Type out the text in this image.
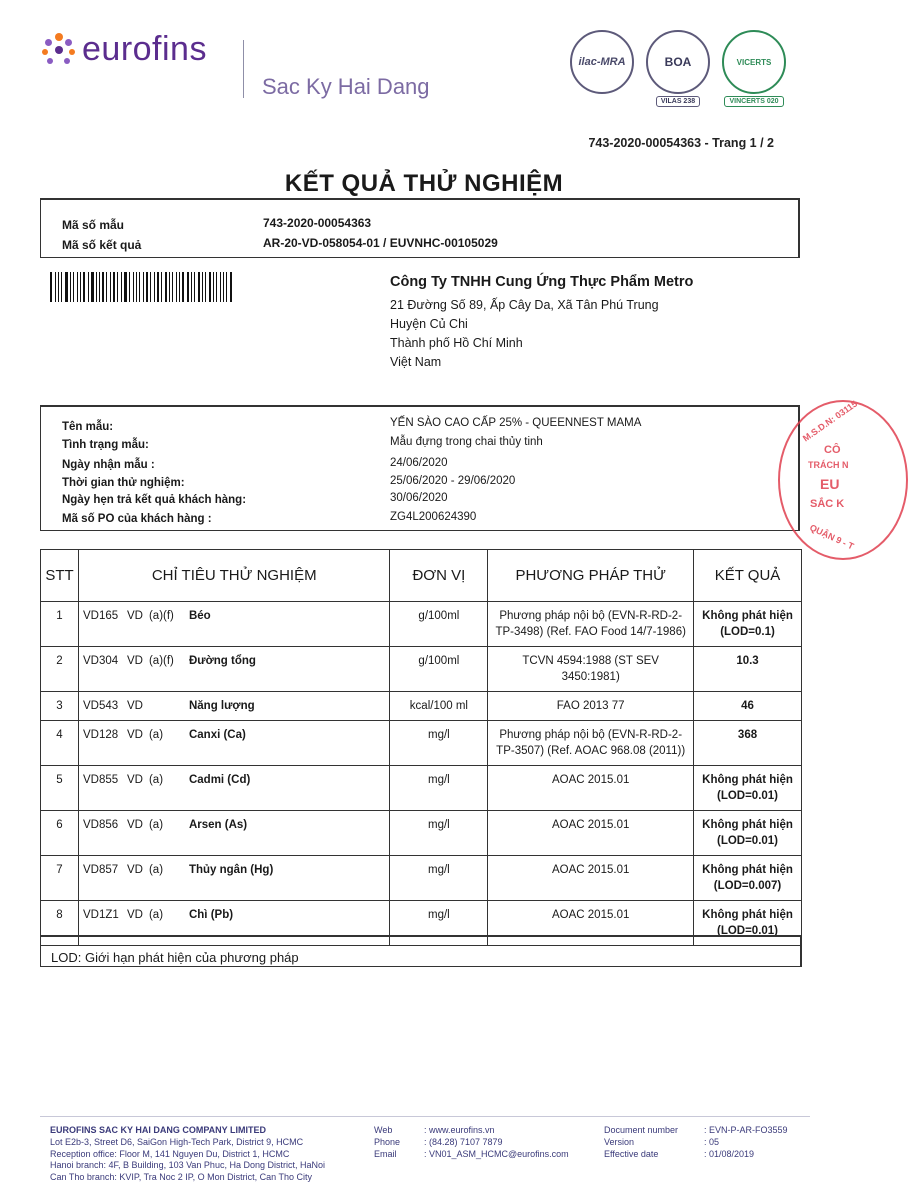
eurofins
Sac Ky Hai Dang
ilac-MRA	BOA
VILAS 238
VICERTS
VINCERTS 020
743-2020-00054363 - Trang 1 / 2
KẾT QUẢ THỬ NGHIỆM
Mã số mẫu	743-2020-00054363
Mã số kết quả	AR-20-VD-058054-01 / EUVNHC-00105029
Công Ty TNHH Cung Ứng Thực Phẩm Metro
21 Đường Số 89, Ấp Cây Da, Xã Tân Phú Trung
Huyện Củ Chi
Thành phố Hồ Chí Minh
Việt Nam
Tên mẫu:	YẾN SÀO CAO CẤP 25% - QUEENNEST MAMA
Tình trạng mẫu:	Mẫu đựng trong chai thủy tinh
Ngày nhận mẫu :	24/06/2020
Thời gian thử nghiệm:	25/06/2020 - 29/06/2020
Ngày hẹn trả kết quả khách hàng:	30/06/2020
Mã số PO của khách hàng :	ZG4L200624390
M.S.D.N: 03115
CÔ
TRÁCH N
EU
SẮC K
QUẬN 9 - T
STT	CHỈ TIÊU THỬ NGHIỆM	ĐƠN VỊ	PHƯƠNG PHÁP THỬ	KẾT QUẢ
1	VD165 VD (a)(f) Béo	g/100ml	Phương pháp nội bộ (EVN-R-RD-2-TP-3498) (Ref. FAO Food 14/7-1986)	Không phát hiện (LOD=0.1)
2	VD304 VD (a)(f) Đường tổng	g/100ml	TCVN 4594:1988 (ST SEV 3450:1981)	10.3
3	VD543 VD Năng lượng	kcal/100 ml	FAO 2013 77	46
4	VD128 VD (a) Canxi (Ca)	mg/l	Phương pháp nội bộ (EVN-R-RD-2-TP-3507) (Ref. AOAC 968.08 (2011))	368
5	VD855 VD (a) Cadmi (Cd)	mg/l	AOAC 2015.01	Không phát hiện (LOD=0.01)
6	VD856 VD (a) Arsen (As)	mg/l	AOAC 2015.01	Không phát hiện (LOD=0.01)
7	VD857 VD (a) Thủy ngân (Hg)	mg/l	AOAC 2015.01	Không phát hiện (LOD=0.007)
8	VD1Z1 VD (a) Chì (Pb)	mg/l	AOAC 2015.01	Không phát hiện (LOD=0.01)
LOD: Giới hạn phát hiện của phương pháp
EUROFINS SAC KY HAI DANG COMPANY LIMITED
Lot E2b-3, Street D6, SaiGon High-Tech Park, District 9, HCMC
Reception office: Floor M, 141 Nguyen Du, District 1, HCMC
Hanoi branch: 4F, B Building, 103 Van Phuc, Ha Dong District, HaNoi
Can Tho branch: KVIP, Tra Noc 2 IP, O Mon District, Can Tho City
Web	: www.eurofins.vn
Phone	: (84.28) 7107 7879
Email	: VN01_ASM_HCMC@eurofins.com
Document number	: EVN-P-AR-FO3559
Version	: 05
Effective date	: 01/08/2019
